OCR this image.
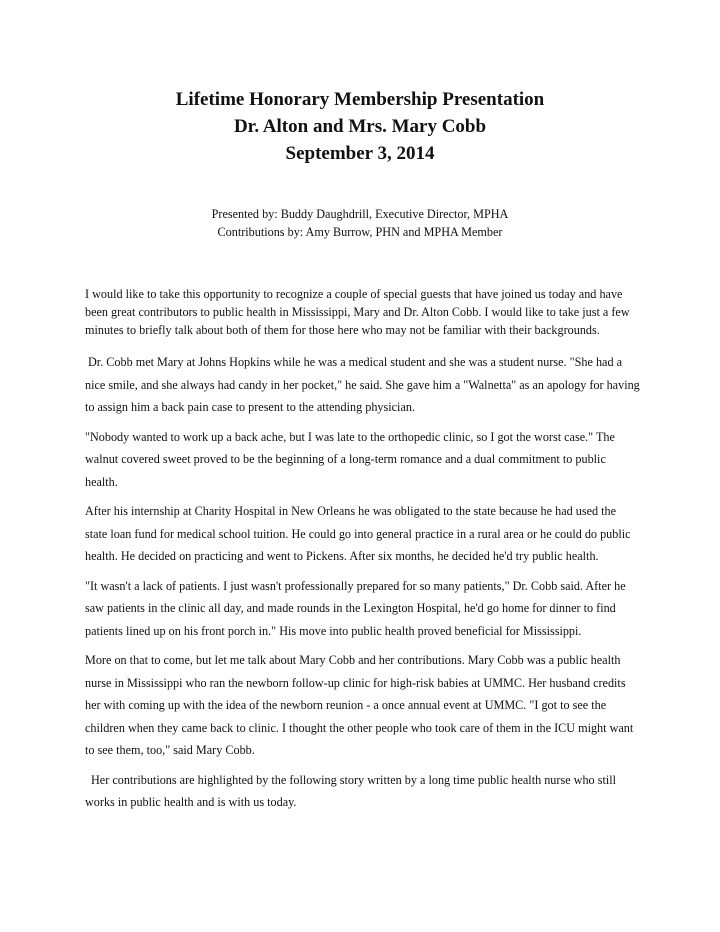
Lifetime Honorary Membership Presentation

Dr. Alton and Mrs. Mary Cobb

September 3, 2014

Presented by: Buddy Daughdrill, Executive Director, MPHA

Contributions by: Amy Burrow, PHN and MPHA Member

I would like to take this opportunity to recognize a couple of special guests that have joined us today and have been great contributors to public health in Mississippi, Mary and Dr. Alton Cobb. I would like to take just a few minutes to briefly talk about both of them for those here who may not be familiar with their backgrounds.

Dr. Cobb met Mary at Johns Hopkins while he was a medical student and she was a student nurse. "She had a nice smile, and she always had candy in her pocket," he said. She gave him a "Walnetta" as an apology for having to assign him a back pain case to present to the attending physician.

"Nobody wanted to work up a back ache, but I was late to the orthopedic clinic, so I got the worst case." The walnut covered sweet proved to be the beginning of a long-term romance and a dual commitment to public health.

After his internship at Charity Hospital in New Orleans he was obligated to the state because he had used the state loan fund for medical school tuition. He could go into general practice in a rural area or he could do public health. He decided on practicing and went to Pickens. After six months, he decided he'd try public health.

"It wasn't a lack of patients. I just wasn't professionally prepared for so many patients," Dr. Cobb said. After he saw patients in the clinic all day, and made rounds in the Lexington Hospital, he'd go home for dinner to find patients lined up on his front porch in." His move into public health proved beneficial for Mississippi.

More on that to come, but let me talk about Mary Cobb and her contributions. Mary Cobb was a public health nurse in Mississippi who ran the newborn follow-up clinic for high-risk babies at UMMC. Her husband credits her with coming up with the idea of the newborn reunion - a once annual event at UMMC. "I got to see the children when they came back to clinic. I thought the other people who took care of them in the ICU might want to see them, too," said Mary Cobb.

Her contributions are highlighted by the following story written by a long time public health nurse who still works in public health and is with us today.
